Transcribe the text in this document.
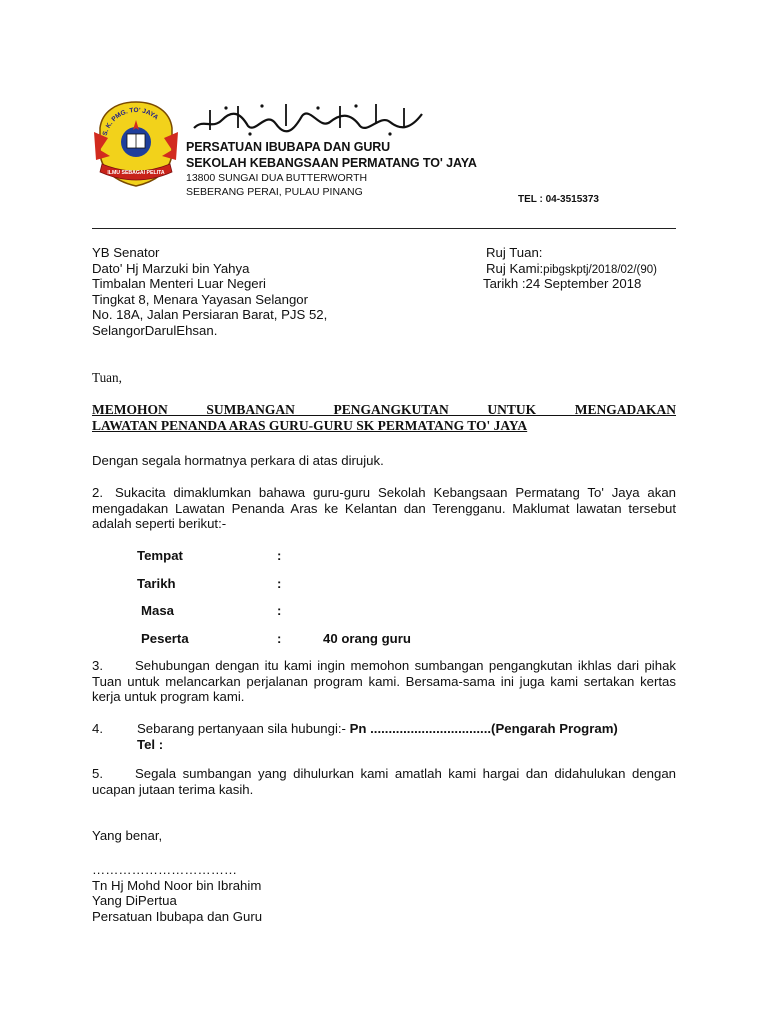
S. K. PMG. TO' JAYA
ILMU SEBAGAI PELITA
ڤرساتوان ايبوباڤ دان ݢورو
PERSATUAN IBUBAPA DAN GURU
SEKOLAH KEBANGSAAN PERMATANG TO' JAYA
13800 SUNGAI DUA BUTTERWORTH
SEBERANG PERAI, PULAU PINANG
TEL : 04-3515373
YB Senator
Dato' Hj Marzuki bin Yahya
Timbalan Menteri Luar Negeri
Tingkat 8, Menara Yayasan Selangor
No. 18A, Jalan Persiaran Barat, PJS 52,
SelangorDarulEhsan.
Ruj Tuan:
Ruj Kami:pibgskptj/2018/02/(90)
Tarikh :24 September 2018
Tuan,
MEMOHON SUMBANGAN PENGANGKUTAN UNTUK MENGADAKAN
LAWATAN PENANDA ARAS GURU-GURU SK PERMATANG TO' JAYA
Dengan segala hormatnya perkara di atas dirujuk.
2. Sukacita dimaklumkan bahawa guru-guru Sekolah Kebangsaan Permatang To' Jaya akan mengadakan Lawatan Penanda Aras ke Kelantan dan Terengganu. Maklumat lawatan tersebut adalah seperti berikut:-
Tempat	:
Tarikh	:
Masa	:
Peserta	:	40 orang guru
3. Sehubungan dengan itu kami ingin memohon sumbangan pengangkutan ikhlas dari pihak Tuan untuk melancarkan perjalanan program kami. Bersama-sama ini juga kami sertakan kertas kerja untuk program kami.
4.	Sebarang pertanyaan sila hubungi:- Pn .................................(Pengarah Program)
Tel :
5. Segala sumbangan yang dihulurkan kami amatlah kami hargai dan didahulukan dengan ucapan jutaan terima kasih.
Yang benar,
……………………………
Tn Hj Mohd Noor bin Ibrahim
Yang DiPertua
Persatuan Ibubapa dan Guru
